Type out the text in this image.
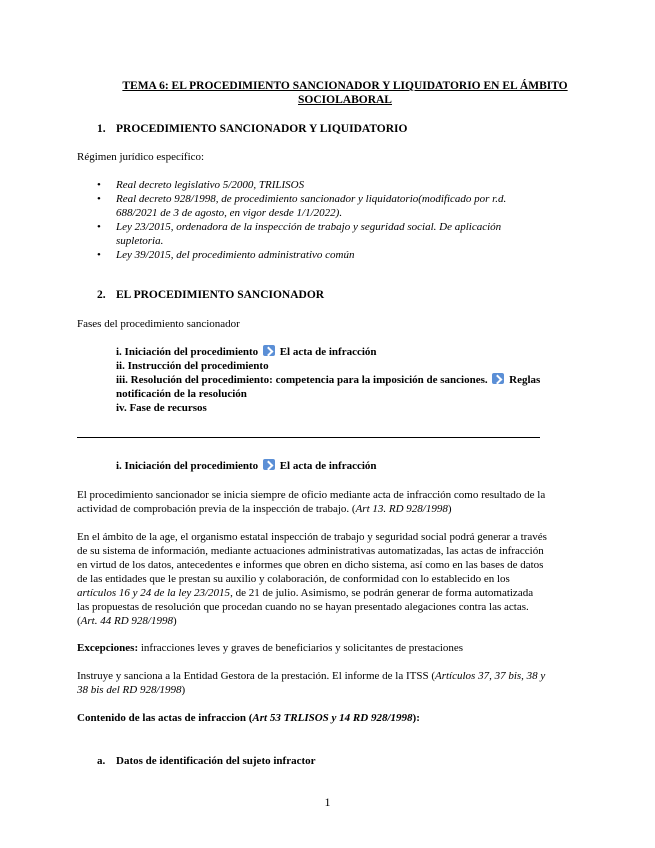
TEMA 6: EL PROCEDIMIENTO SANCIONADOR Y LIQUIDATORIO EN EL ÁMBITO SOCIOLABORAL
1. PROCEDIMIENTO SANCIONADOR Y LIQUIDATORIO
Régimen jurídico específico:
• Real decreto legislativo 5/2000, TRILISOS
• Real decreto 928/1998, de procedimiento sancionador y liquidatorio(modificado por r.d. 688/2021 de 3 de agosto, en vigor desde 1/1/2022).
• Ley 23/2015, ordenadora de la inspección de trabajo y seguridad social. De aplicación supletoria.
• Ley 39/2015, del procedimiento administrativo común
2. EL PROCEDIMIENTO SANCIONADOR
Fases del procedimiento sancionador
i. Iniciación del procedimiento El acta de infracción
ii. Instrucción del procedimiento
iii. Resolución del procedimiento: competencia para la imposición de sanciones. Reglas notificación de la resolución
iv. Fase de recursos
i. Iniciación del procedimiento El acta de infracción
El procedimiento sancionador se inicia siempre de oficio mediante acta de infracción como resultado de la actividad de comprobación previa de la inspección de trabajo. (Art 13. RD 928/1998)
En el ámbito de la age, el organismo estatal inspección de trabajo y seguridad social podrá generar a través de su sistema de información, mediante actuaciones administrativas automatizadas, las actas de infracción en virtud de los datos, antecedentes e informes que obren en dicho sistema, así como en las bases de datos de las entidades que le prestan su auxilio y colaboración, de conformidad con lo establecido en los artículos 16 y 24 de la ley 23/2015, de 21 de julio. Asimismo, se podrán generar de forma automatizada las propuestas de resolución que procedan cuando no se hayan presentado alegaciones contra las actas. (Art. 44 RD 928/1998)
Excepciones: infracciones leves y graves de beneficiarios y solicitantes de prestaciones
Instruye y sanciona a la Entidad Gestora de la prestación. El informe de la ITSS (Artículos 37, 37 bis, 38 y 38 bis del RD 928/1998)
Contenido de las actas de infraccion (Art 53 TRLISOS y 14 RD 928/1998):
a. Datos de identificación del sujeto infractor
1
